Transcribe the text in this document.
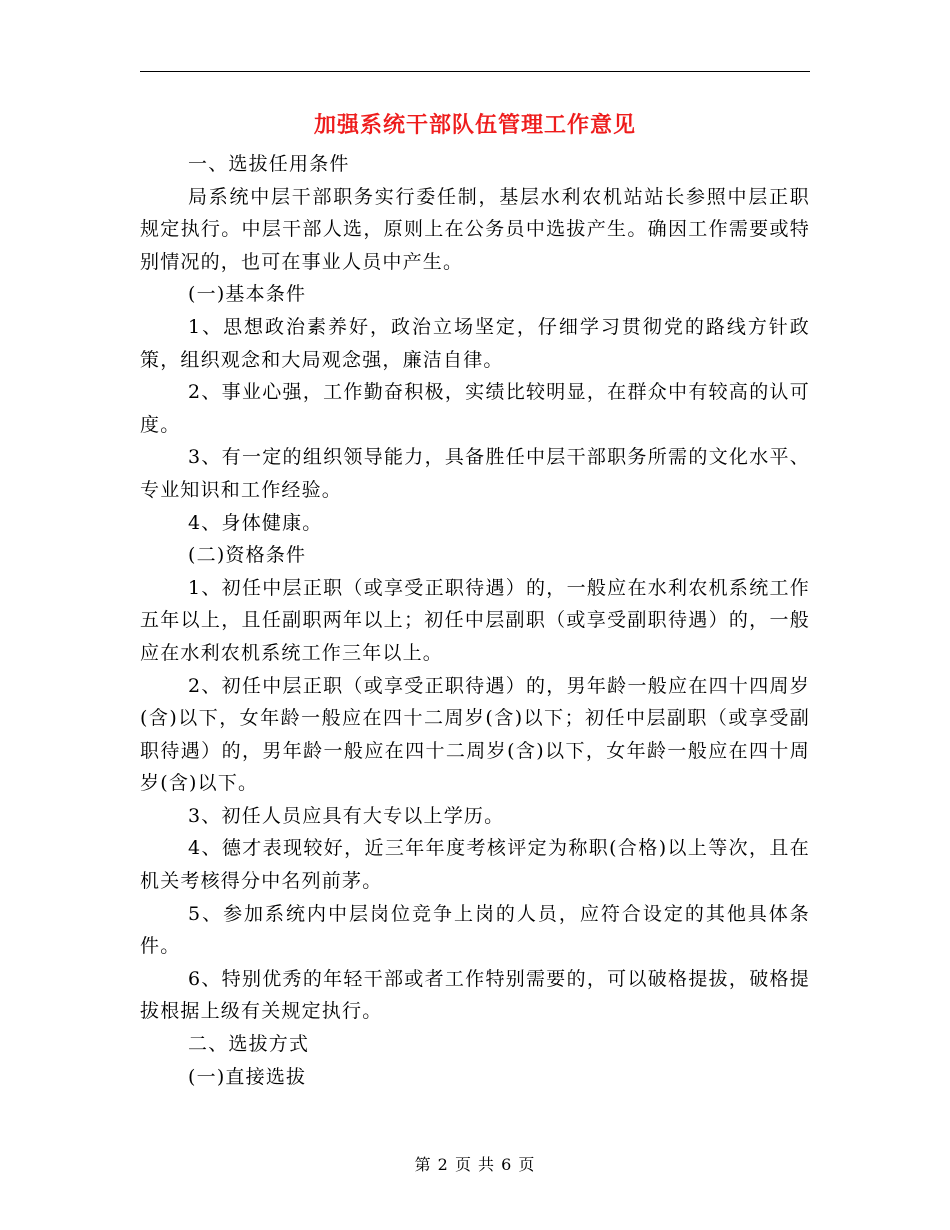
加强系统干部队伍管理工作意见

一、选拔任用条件

局系统中层干部职务实行委任制，基层水利农机站站长参照中层正职规定执行。中层干部人选，原则上在公务员中选拔产生。确因工作需要或特别情况的，也可在事业人员中产生。

(一)基本条件

1、思想政治素养好，政治立场坚定，仔细学习贯彻党的路线方针政策，组织观念和大局观念强，廉洁自律。

2、事业心强，工作勤奋积极，实绩比较明显，在群众中有较高的认可度。

3、有一定的组织领导能力，具备胜任中层干部职务所需的文化水平、专业知识和工作经验。

4、身体健康。

(二)资格条件

1、初任中层正职（或享受正职待遇）的，一般应在水利农机系统工作五年以上，且任副职两年以上；初任中层副职（或享受副职待遇）的，一般应在水利农机系统工作三年以上。

2、初任中层正职（或享受正职待遇）的，男年龄一般应在四十四周岁(含)以下，女年龄一般应在四十二周岁(含)以下；初任中层副职（或享受副职待遇）的，男年龄一般应在四十二周岁(含)以下，女年龄一般应在四十周岁(含)以下。

3、初任人员应具有大专以上学历。

4、德才表现较好，近三年年度考核评定为称职(合格)以上等次，且在机关考核得分中名列前茅。

5、参加系统内中层岗位竞争上岗的人员，应符合设定的其他具体条件。

6、特别优秀的年轻干部或者工作特别需要的，可以破格提拔，破格提拔根据上级有关规定执行。

二、选拔方式

(一)直接选拔

第 2 页 共 6 页
